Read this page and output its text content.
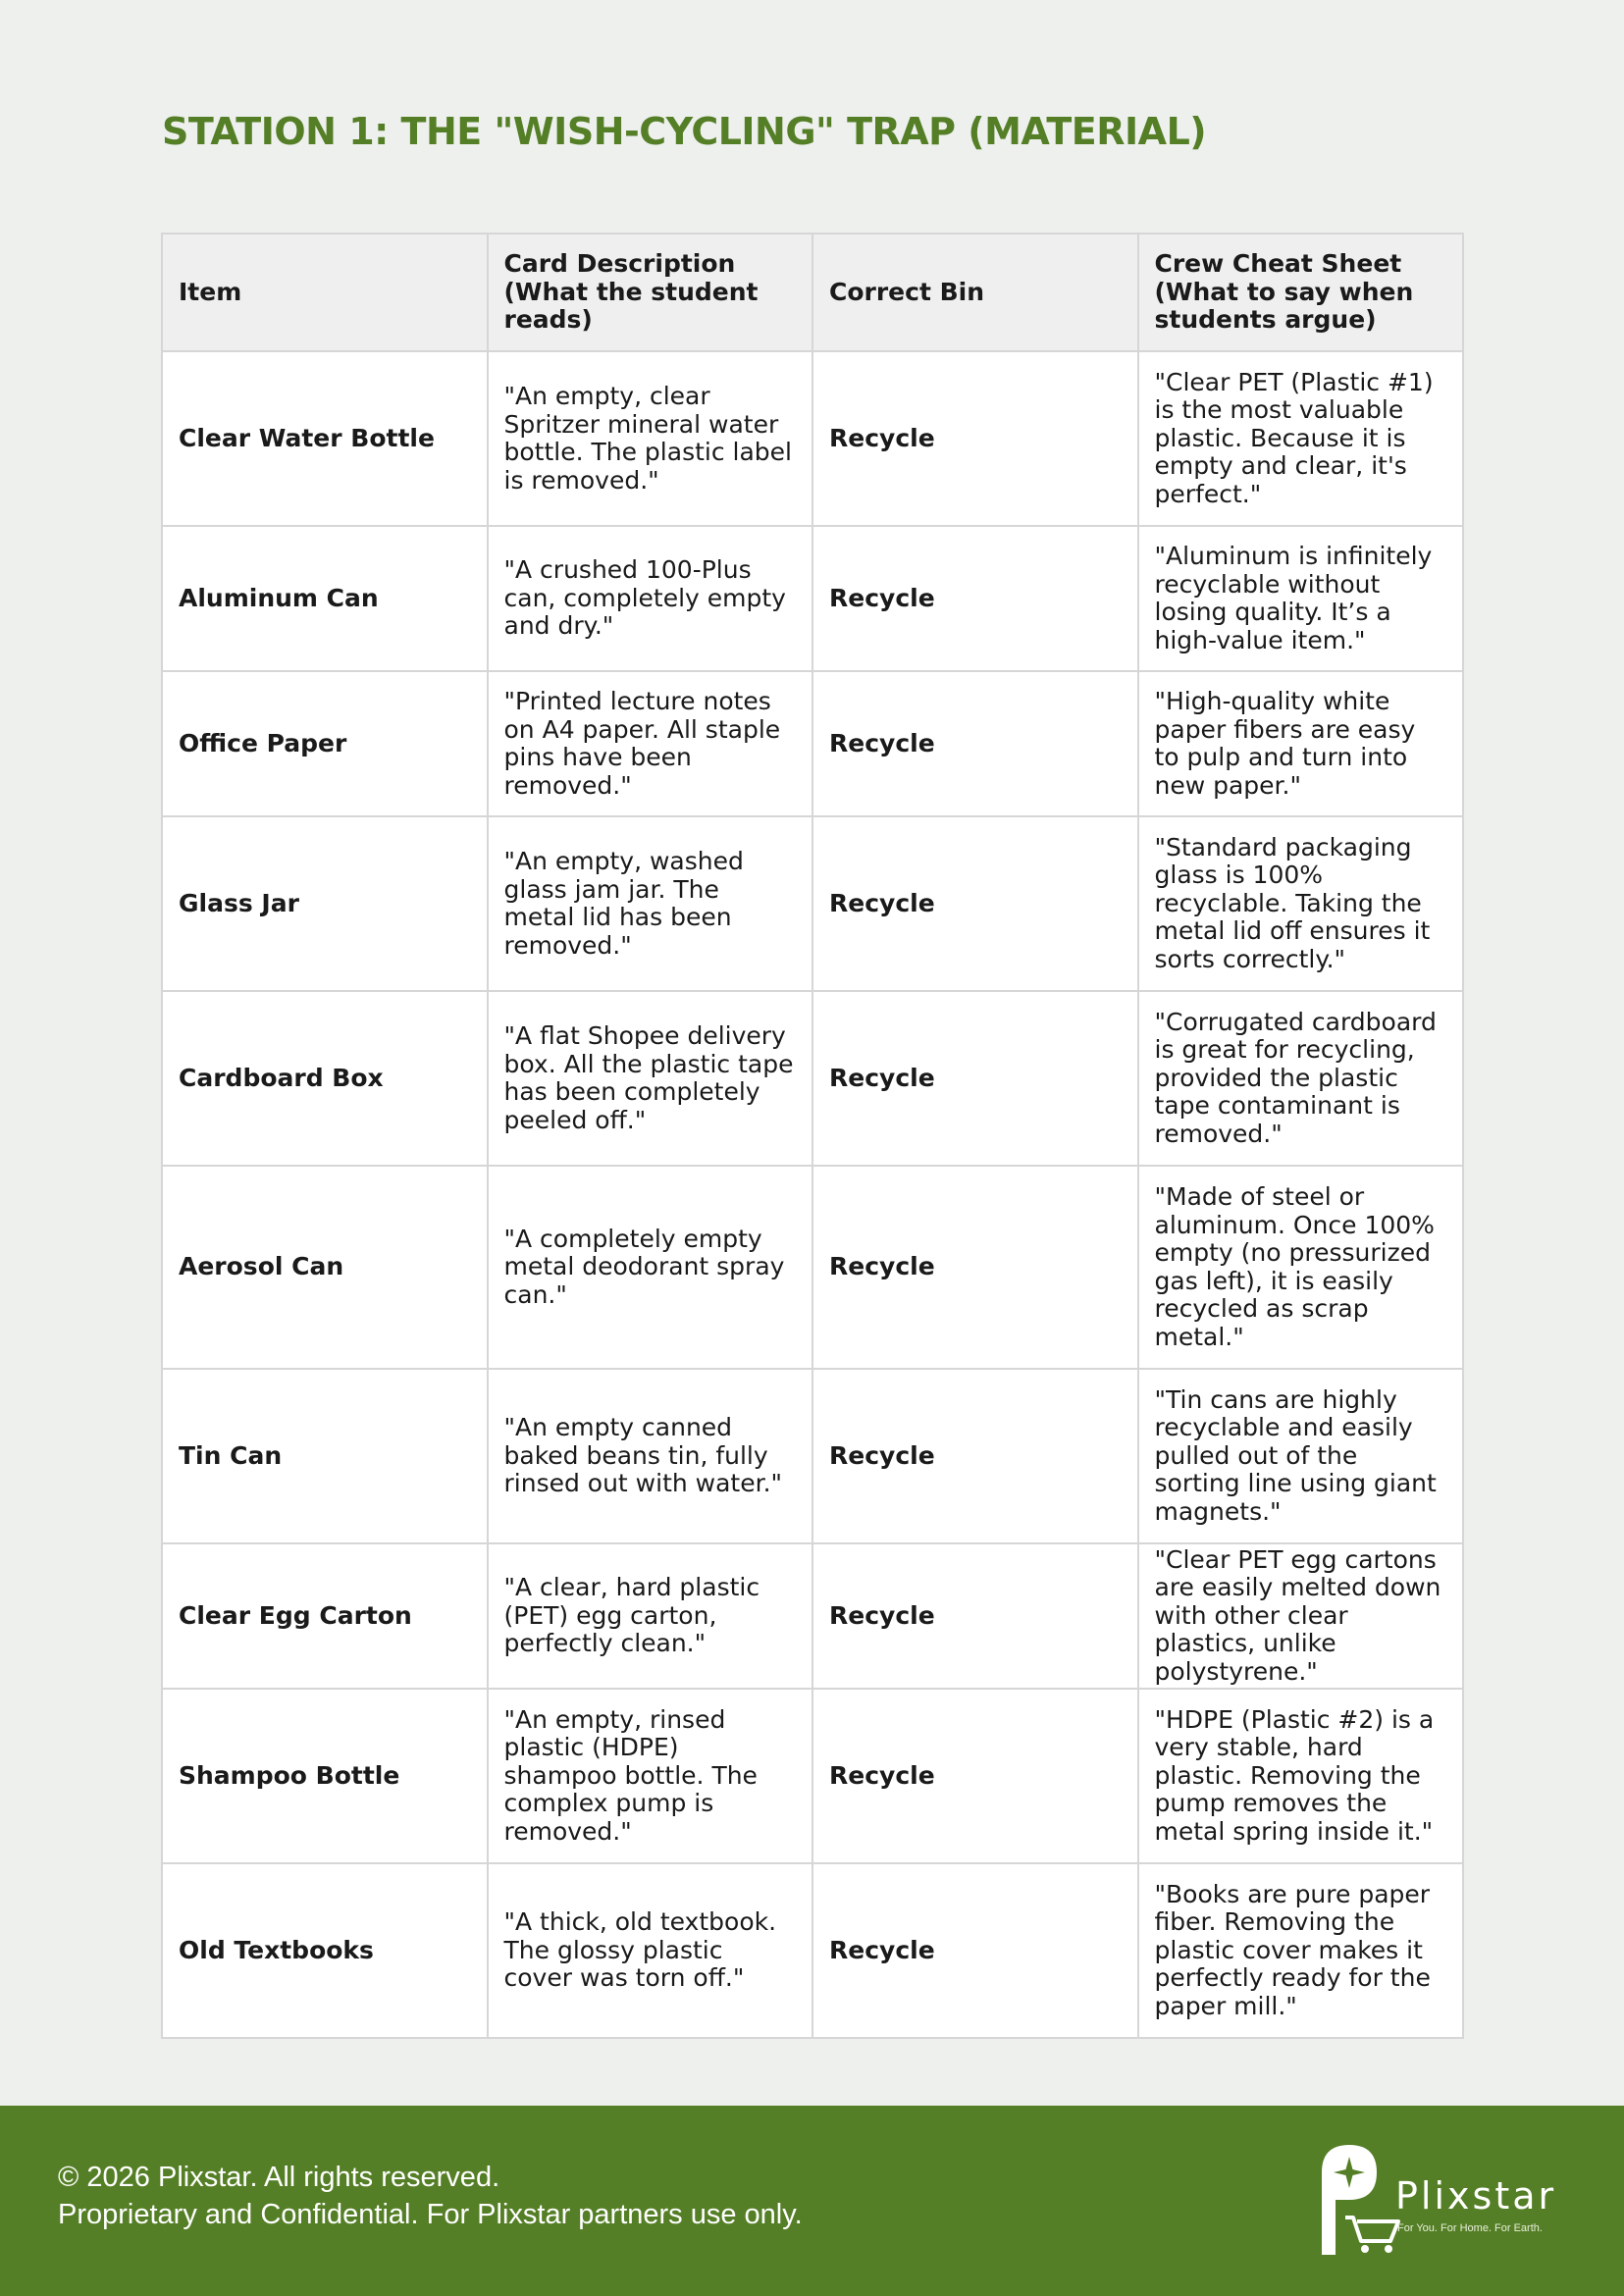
STATION 1: THE "WISH-CYCLING" TRAP (MATERIAL)
Item	Card Description (What the student reads)	Correct Bin	Crew Cheat Sheet (What to say when students argue)
Clear Water Bottle	"An empty, clear Spritzer mineral water bottle. The plastic label is removed."	Recycle	"Clear PET (Plastic #1) is the most valuable plastic. Because it is empty and clear, it's perfect."
Aluminum Can	"A crushed 100-Plus can, completely empty and dry."	Recycle	"Aluminum is infinitely recyclable without losing quality. It’s a high-value item."
Office Paper	"Printed lecture notes on A4 paper. All staple pins have been removed."	Recycle	"High-quality white paper fibers are easy to pulp and turn into new paper."
Glass Jar	"An empty, washed glass jam jar. The metal lid has been removed."	Recycle	"Standard packaging glass is 100% recyclable. Taking the metal lid off ensures it sorts correctly."
Cardboard Box	"A flat Shopee delivery box. All the plastic tape has been completely peeled off."	Recycle	"Corrugated cardboard is great for recycling, provided the plastic tape contaminant is removed."
Aerosol Can	"A completely empty metal deodorant spray can."	Recycle	"Made of steel or aluminum. Once 100% empty (no pressurized gas left), it is easily recycled as scrap metal."
Tin Can	"An empty canned baked beans tin, fully rinsed out with water."	Recycle	"Tin cans are highly recyclable and easily pulled out of the sorting line using giant magnets."
Clear Egg Carton	"A clear, hard plastic (PET) egg carton, perfectly clean."	Recycle	"Clear PET egg cartons are easily melted down with other clear plastics, unlike polystyrene."
Shampoo Bottle	"An empty, rinsed plastic (HDPE) shampoo bottle. The complex pump is removed."	Recycle	"HDPE (Plastic #2) is a very stable, hard plastic. Removing the pump removes the metal spring inside it."
Old Textbooks	"A thick, old textbook. The glossy plastic cover was torn off."	Recycle	"Books are pure paper fiber. Removing the plastic cover makes it perfectly ready for the paper mill."
© 2026 Plixstar. All rights reserved.
Proprietary and Confidential. For Plixstar partners use only.	Plixstar
For You. For Home. For Earth.
